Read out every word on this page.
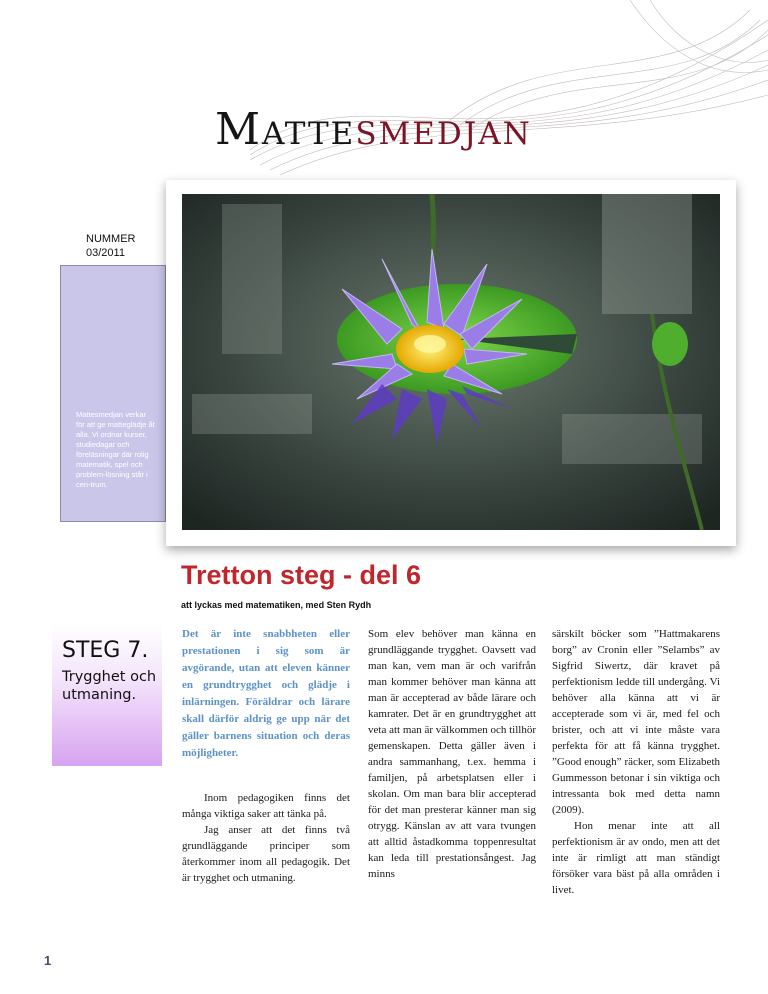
Mattesmedjan
NUMMER
03/2011
Mattesmedjan verkar för att ge matteglädje åt alla. Vi ordnar kurser, studiedagar och föreläsningar där rolig matematik, spel och problem-lösning står i cen-trum.
Tretton steg - del 6
att lyckas med matematiken, med Sten Rydh
STEG 7.
Trygghet och utmaning.
Det är inte snabbheten eller prestationen i sig som är avgörande, utan att eleven känner en grundtrygghet och glädje i inlärningen. Föräldrar och lärare skall därför aldrig ge upp när det gäller barnens situation och deras möjligheter.

Inom pedagogiken finns det många viktiga saker att tänka på.

Jag anser att det finns två grundläggande principer som återkommer inom all pedagogik. Det är trygghet och utmaning.

Som elev behöver man känna en grundläggande trygghet. Oavsett vad man kan, vem man är och varifrån man kommer behöver man känna att man är accepterad av både lärare och kamrater. Det är en grundtrygghet att veta att man är välkommen och tillhör gemenskapen. Detta gäller även i andra sammanhang, t.ex. hemma i familjen, på arbetsplatsen eller i skolan. Om man bara blir accepterad för det man presterar känner man sig otrygg. Känslan av att vara tvungen att alltid åstadkomma toppenresultat kan leda till prestationsångest. Jag minns

särskilt böcker som ”Hattmakarens borg” av Cronin eller ”Selambs” av Sigfrid Siwertz, där kravet på perfektionism ledde till undergång. Vi behöver alla känna att vi är accepterade som vi är, med fel och brister, och att vi inte måste vara perfekta för att få känna trygghet. ”Good enough” räcker, som Elizabeth Gummesson betonar i sin viktiga och intressanta bok med detta namn (2009).

Hon menar inte att all perfektionism är av ondo, men att det inte är rimligt att man ständigt försöker vara bäst på alla områden i livet.

1
